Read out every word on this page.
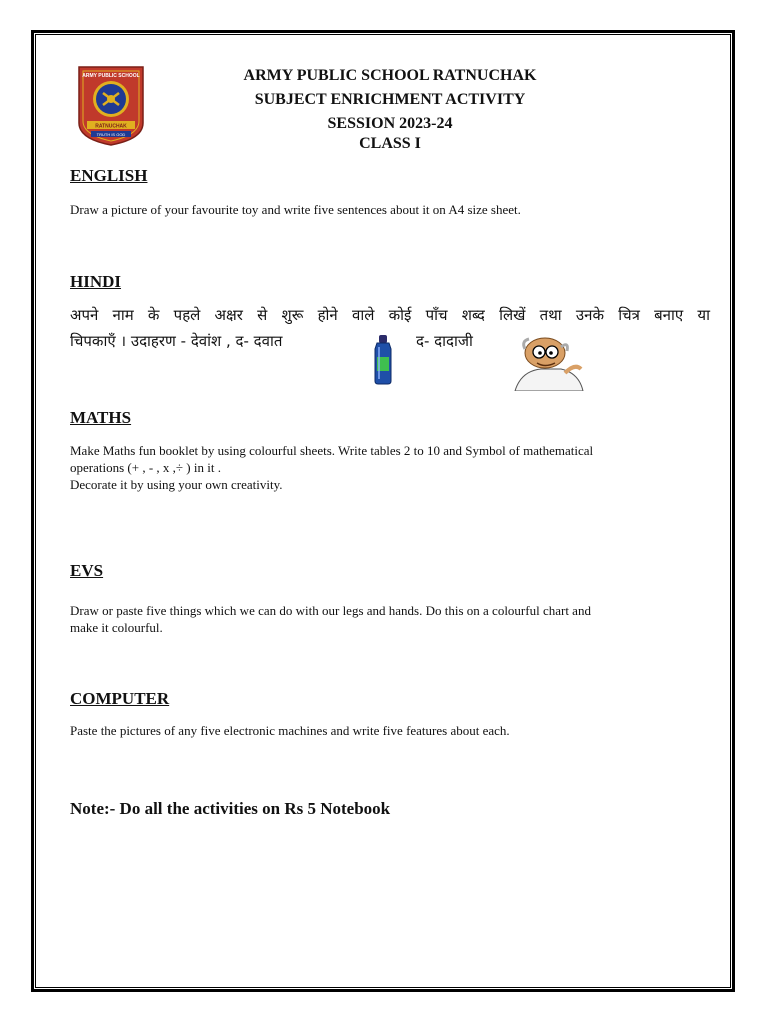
ARMY PUBLIC SCHOOL
RATNUCHAK
TRUTH IS GOD
ARMY PUBLIC SCHOOL RATNUCHAK
SUBJECT ENRICHMENT ACTIVITY
SESSION 2023-24
CLASS I
ENGLISH
Draw a picture of your favourite toy and write five sentences about it on A4 size sheet.
HINDI
अपने नाम के पहले अक्षर से शुरू होने वाले कोई पाँच शब्द लिखें तथा उनके चित्र बनाए या
चिपकाएँ । उदाहरण - देवांश , द- दवात	द- दादाजी
MATHS
Make Maths fun booklet by using colourful sheets. Write tables 2 to 10 and Symbol of mathematical
operations (+ , - , x ,÷ ) in it .
Decorate it by using your own creativity.
EVS
Draw or paste five things which we can do with our legs and hands. Do this on a colourful chart and
make it colourful.
COMPUTER
Paste the pictures of any five electronic machines and write five features about each.
Note:- Do all the activities on Rs 5 Notebook
